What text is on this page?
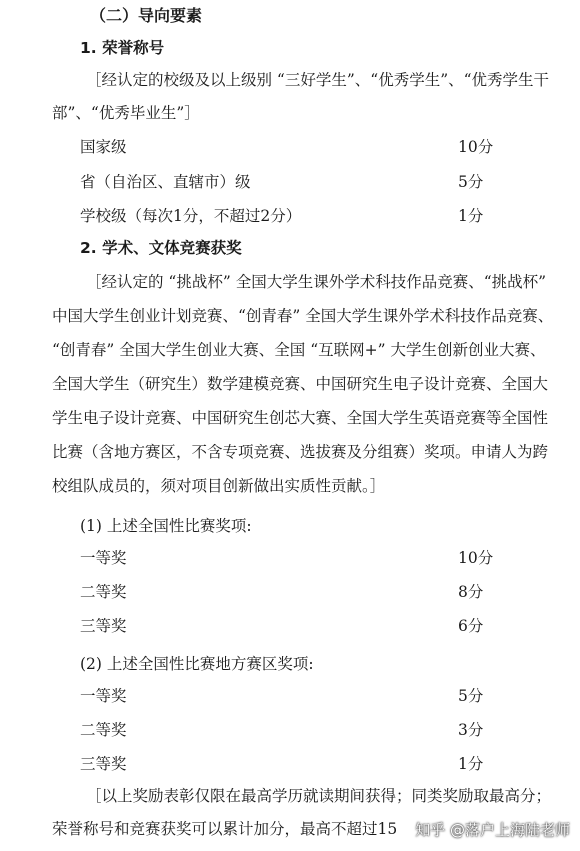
（二）导向要素
1. 荣誉称号
［经认定的校级及以上级别 “三好学生”、“优秀学生”、“优秀学生干
部”、“优秀毕业生”］
国家级	10分
省（自治区、直辖市）级	5分
学校级（每次1分，不超过2分）	1分
2. 学术、文体竞赛获奖
［经认定的 “挑战杯” 全国大学生课外学术科技作品竞赛、“挑战杯”
中国大学生创业计划竞赛、“创青春” 全国大学生课外学术科技作品竞赛、
“创青春” 全国大学生创业大赛、全国 “互联网+” 大学生创新创业大赛、
全国大学生（研究生）数学建模竞赛、中国研究生电子设计竞赛、全国大
学生电子设计竞赛、中国研究生创芯大赛、全国大学生英语竞赛等全国性
比赛（含地方赛区，不含专项竞赛、选拔赛及分组赛）奖项。申请人为跨
校组队成员的，须对项目创新做出实质性贡献。］
(1) 上述全国性比赛奖项:
一等奖	10分
二等奖	8分
三等奖	6分
(2) 上述全国性比赛地方赛区奖项:
一等奖	5分
二等奖	3分
三等奖	1分
［以上奖励表彰仅限在最高学历就读期间获得；同类奖励取最高分；
荣誉称号和竞赛获奖可以累计加分，最高不超过15 知乎 @落户上海陆老师
